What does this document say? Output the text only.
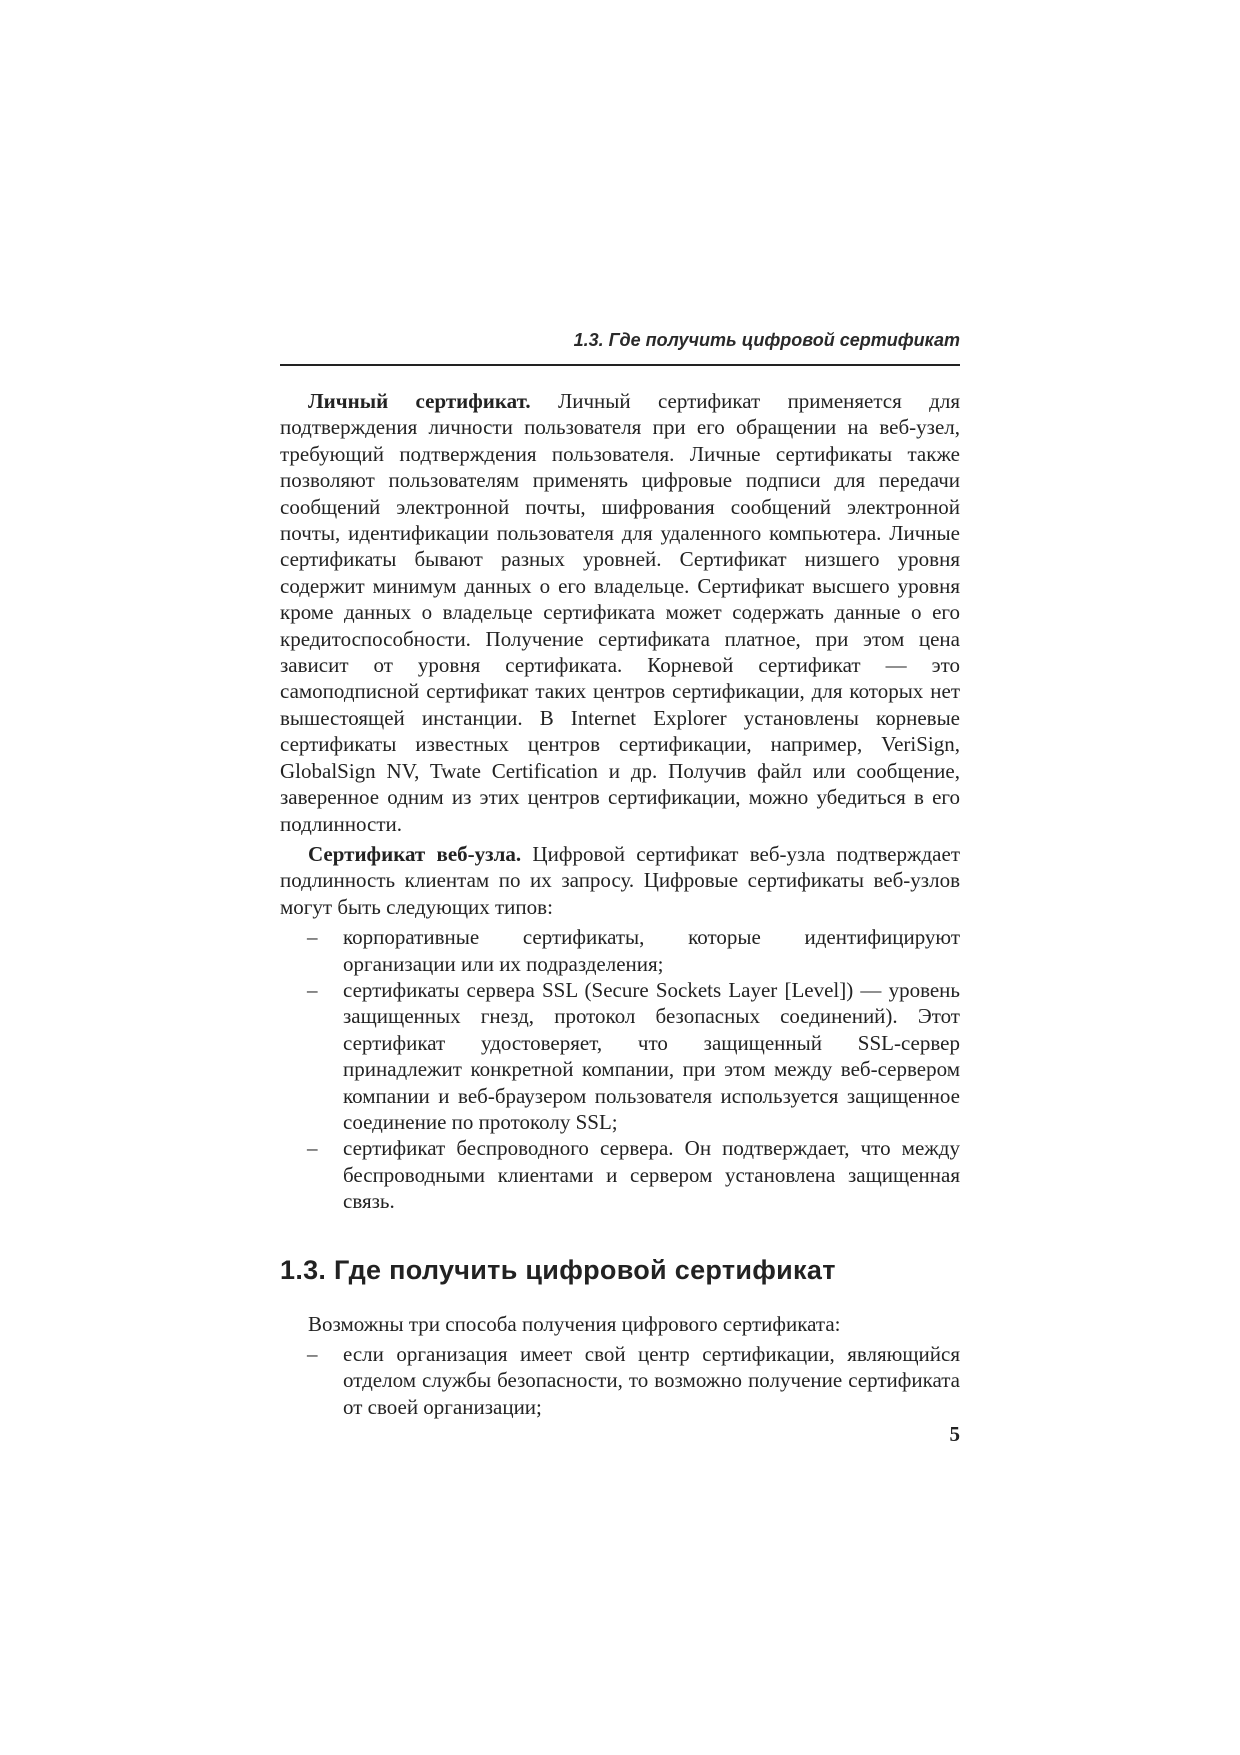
1.3. Где получить цифровой сертификат

Личный сертификат. Личный сертификат применяется для подтверждения личности пользователя при его обращении на веб-узел, требующий подтверждения пользователя. Личные сертификаты также позволяют пользователям применять цифровые подписи для передачи сообщений электронной почты, шифрования сообщений электронной почты, идентификации пользователя для удаленного компьютера. Личные сертификаты бывают разных уровней. Сертификат низшего уровня содержит минимум данных о его владельце. Сертификат высшего уровня кроме данных о владельце сертификата может содержать данные о его кредитоспособности. Получение сертификата платное, при этом цена зависит от уровня сертификата. Корневой сертификат — это самоподписной сертификат таких центров сертификации, для которых нет вышестоящей инстанции. В Internet Explorer установлены корневые сертификаты известных центров сертификации, например, VeriSign, GlobalSign NV, Twate Certification и др. Получив файл или сообщение, заверенное одним из этих центров сертификации, можно убедиться в его подлинности.

Сертификат веб-узла. Цифровой сертификат веб-узла подтверждает подлинность клиентам по их запросу. Цифровые сертификаты веб-узлов могут быть следующих типов:

– корпоративные сертификаты, которые идентифицируют организации или их подразделения;
– сертификаты сервера SSL (Secure Sockets Layer [Level]) — уровень защищенных гнезд, протокол безопасных соединений). Этот сертификат удостоверяет, что защищенный SSL-сервер принадлежит конкретной компании, при этом между веб-сервером компании и веб-браузером пользователя используется защищенное соединение по протоколу SSL;
– сертификат беспроводного сервера. Он подтверждает, что между беспроводными клиентами и сервером установлена защищенная связь.
1.3. Где получить цифровой сертификат

Возможны три способа получения цифрового сертификата:

– если организация имеет свой центр сертификации, являющийся отделом службы безопасности, то возможно получение сертификата от своей организации;
5
